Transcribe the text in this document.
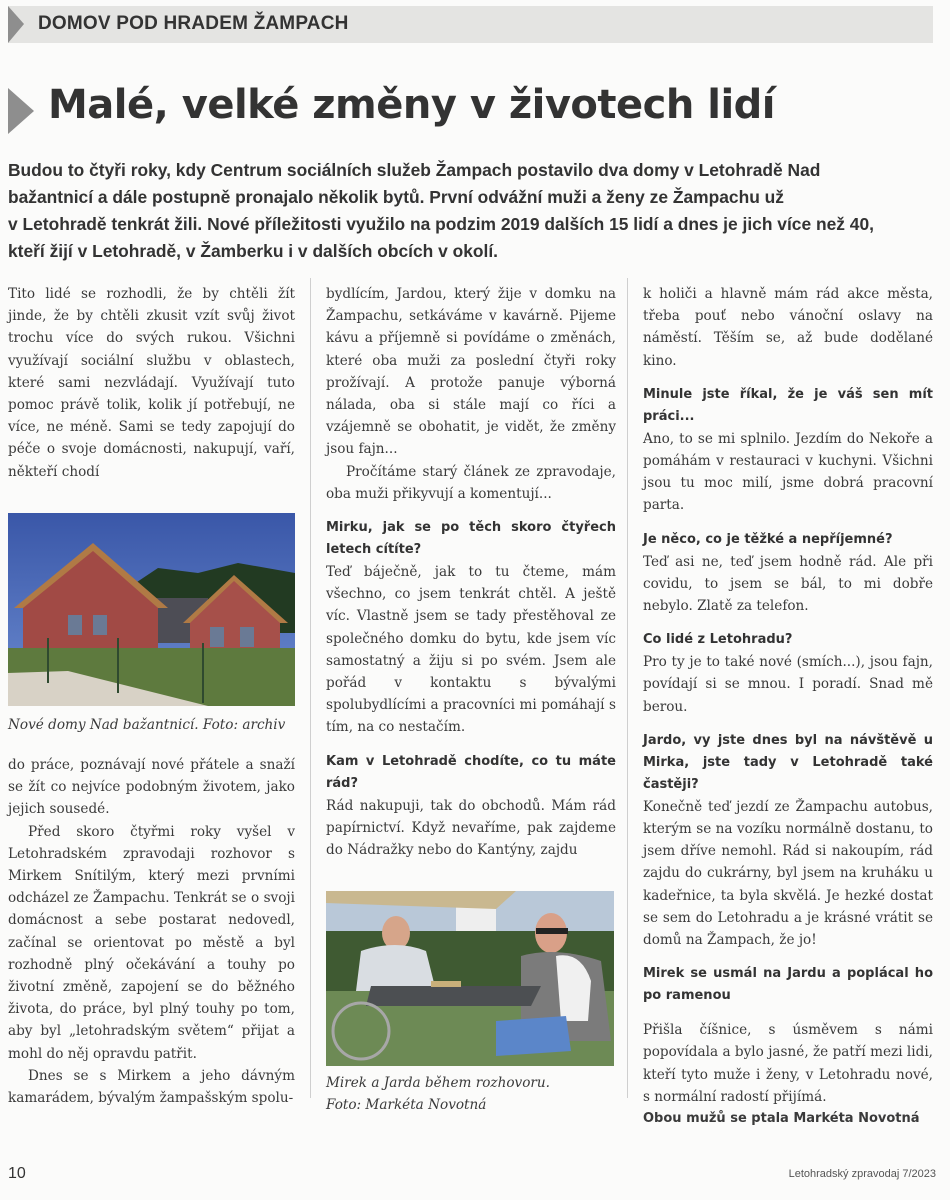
DOMOV POD HRADEM ŽAMPACH
Malé, velké změny v životech lidí
Budou to čtyři roky, kdy Centrum sociálních služeb Žampach postavilo dva domy v Letohradě Nad
bažantnicí a dále postupně pronajalo několik bytů. První odvážní muži a ženy ze Žampachu už
v Letohradě tenkrát žili. Nové příležitosti využilo na podzim 2019 dalších 15 lidí a dnes je jich více než 40,
kteří žijí v Letohradě, v Žamberku i v dalších obcích v okolí.

Tito lidé se rozhodli, že by chtěli žít jinde, že by chtěli zkusit vzít svůj život trochu více do svých rukou. Všichni využívají sociální službu v oblastech, které sami nezvládají. Využívají tuto pomoc právě tolik, kolik jí potřebují, ne více, ne méně. Sami se tedy zapojují do péče o svoje domácnosti, nakupují, vaří, někteří chodí

Nové domy Nad bažantnicí. Foto: archiv

do práce, poznávají nové přátele a snaží se žít co nejvíce podobným životem, jako jejich sousedé.

Před skoro čtyřmi roky vyšel v Letohradském zpravodaji rozhovor s Mirkem Snítilým, který mezi prvními odcházel ze Žampachu. Tenkrát se o svoji domácnost a sebe postarat nedovedl, začínal se orientovat po městě a byl rozhodně plný očekávání a touhy po životní změně, zapojení se do běžného života, do práce, byl plný touhy po tom, aby byl „letohradským světem“ přijat a mohl do něj opravdu patřit.

Dnes se s Mirkem a jeho dávným kamarádem, bývalým žampašským spolu-

bydlícím, Jardou, který žije v domku na Žampachu, setkáváme v kavárně. Pijeme kávu a příjemně si povídáme o změnách, které oba muži za poslední čtyři roky prožívají. A protože panuje výborná nálada, oba si stále mají co říci a vzájemně se obohatit, je vidět, že změny jsou fajn...

Pročítáme starý článek ze zpravodaje, oba muži přikyvují a komentují...

Mirku, jak se po těch skoro čtyřech letech cítíte?

Teď báječně, jak to tu čteme, mám všechno, co jsem tenkrát chtěl. A ještě víc. Vlastně jsem se tady přestěhoval ze společného domku do bytu, kde jsem víc samostatný a žiju si po svém. Jsem ale pořád v kontaktu s bývalými spolubydlícími a pracovníci mi pomáhají s tím, na co nestačím.

Kam v Letohradě chodíte, co tu máte rád?

Rád nakupuji, tak do obchodů. Mám rád papírnictví. Když nevaříme, pak zajdeme do Nádražky nebo do Kantýny, zajdu

Mirek a Jarda během rozhovoru.

Foto: Markéta Novotná

k holiči a hlavně mám rád akce města, třeba pouť nebo vánoční oslavy na náměstí. Těším se, až bude dodělané kino.

Minule jste říkal, že je váš sen mít práci...

Ano, to se mi splnilo. Jezdím do Nekoře a pomáhám v restauraci v kuchyni. Všichni jsou tu moc milí, jsme dobrá pracovní parta.

Je něco, co je těžké a nepříjemné?

Teď asi ne, teď jsem hodně rád. Ale při covidu, to jsem se bál, to mi dobře nebylo. Zlatě za telefon.

Co lidé z Letohradu?

Pro ty je to také nové (smích...), jsou fajn, povídají si se mnou. I poradí. Snad mě berou.

Jardo, vy jste dnes byl na návštěvě u Mirka, jste tady v Letohradě také častěji?

Konečně teď jezdí ze Žampachu autobus, kterým se na vozíku normálně dostanu, to jsem dříve nemohl. Rád si nakoupím, rád zajdu do cukrárny, byl jsem na kruháku u kadeřnice, ta byla skvělá. Je hezké dostat se sem do Letohradu a je krásné vrátit se domů na Žampach, že jo!

Mirek se usmál na Jardu a poplácal ho po ramenou

Přišla číšnice, s úsměvem s námi popovídala a bylo jasné, že patří mezi lidi, kteří tyto muže i ženy, v Letohradu nové, s normální radostí přijímá.

Obou mužů se ptala Markéta Novotná

10	Letohradský zpravodaj 7/2023
